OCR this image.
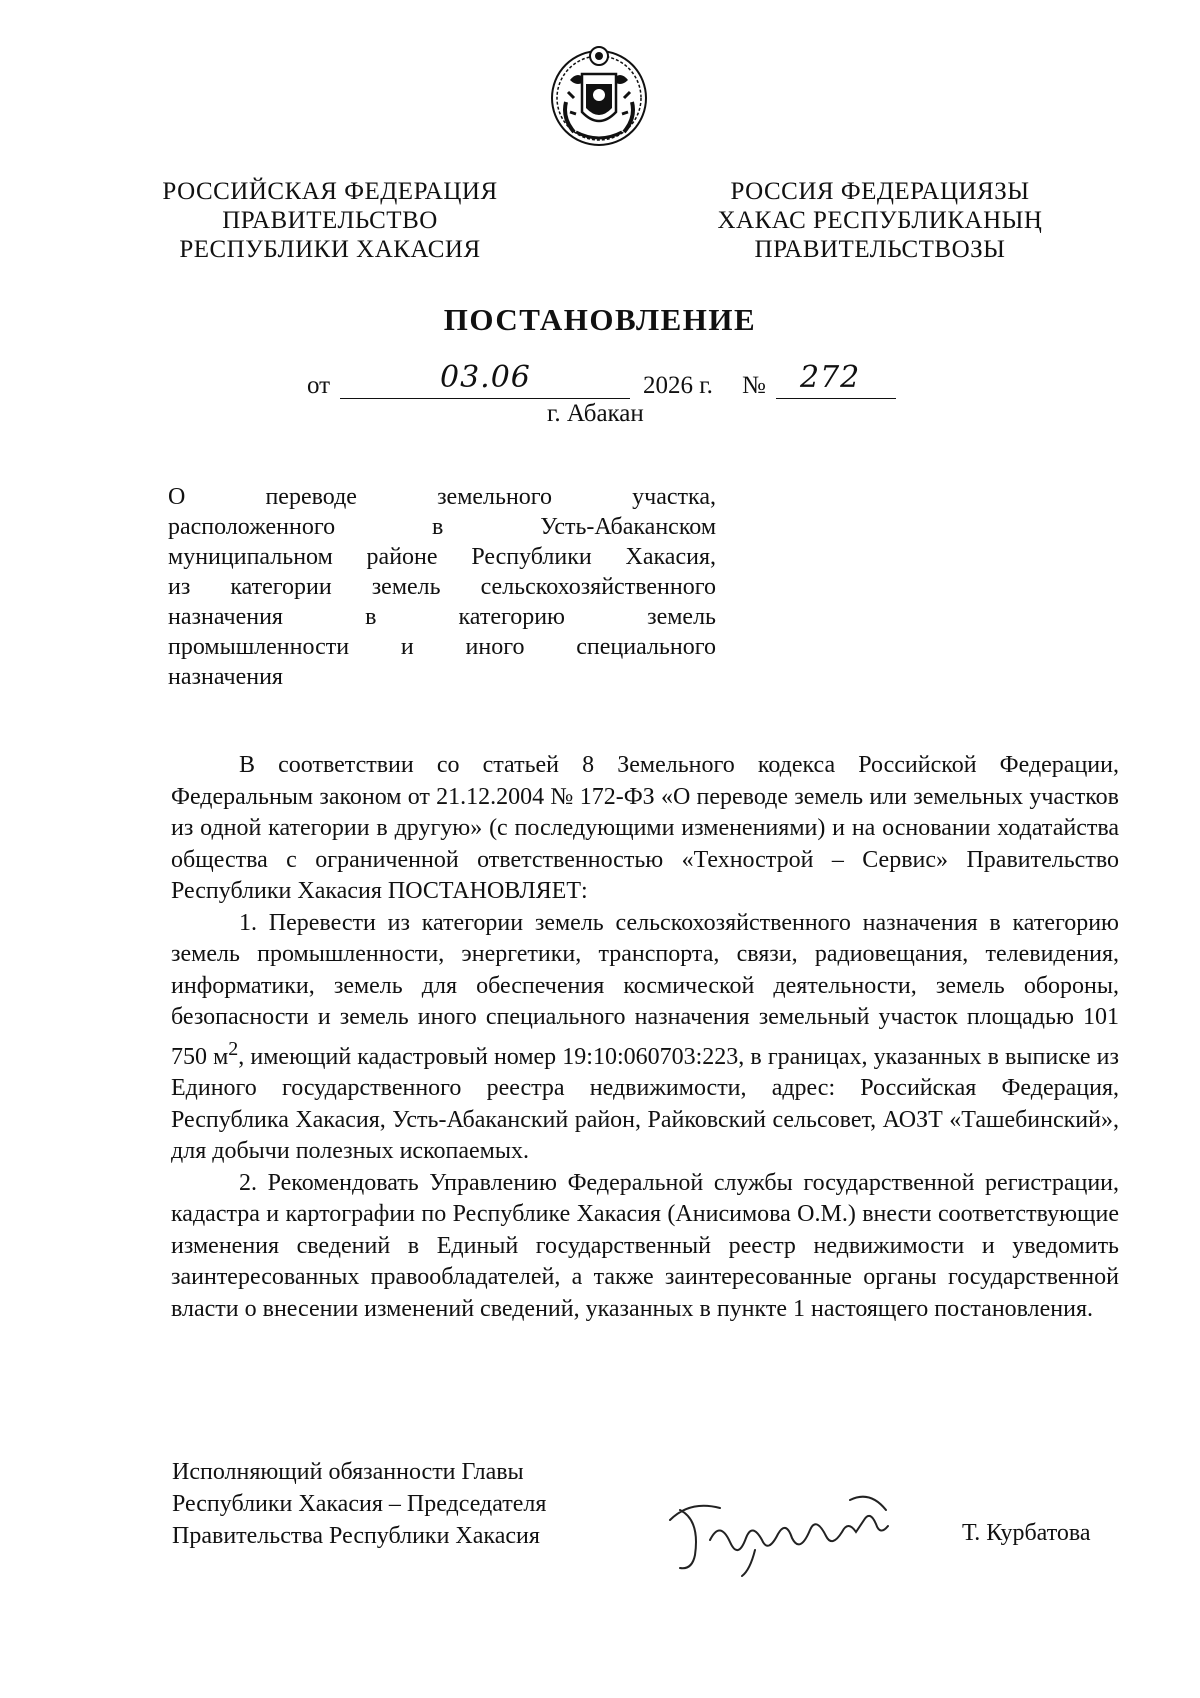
РОССИЙСКАЯ ФЕДЕРАЦИЯ
ПРАВИТЕЛЬСТВО
РЕСПУБЛИКИ ХАКАСИЯ
РОССИЯ ФЕДЕРАЦИЯЗЫ
ХАКАС РЕСПУБЛИКАНЫҢ
ПРАВИТЕЛЬСТВОЗЫ
ПОСТАНОВЛЕНИЕ
от	03.06	2026 г. № 272
г. Абакан
О	переводе	земельного	участка,
расположенного	в	Усть-Абаканском
муниципальном районе Республики Хакасия,
из категории земель сельскохозяйственного
назначения	в	категорию	земель
промышленности и иного специального
назначения

В соответствии со статьей 8 Земельного кодекса Российской Федерации, Федеральным законом от 21.12.2004 № 172-ФЗ «О переводе земель или земельных участков из одной категории в другую» (с последующими изменениями) и на основании ходатайства общества с ограниченной ответственностью «Технострой – Сервис» Правительство Республики Хакасия ПОСТАНОВЛЯЕТ:

1. Перевести из категории земель сельскохозяйственного назначения в категорию земель промышленности, энергетики, транспорта, связи, радиовещания, телевидения, информатики, земель для обеспечения космической деятельности, земель обороны, безопасности и земель иного специального назначения земельный участок площадью 101 750 $м^2$, имеющий кадастровый номер 19:10:060703:223, в границах, указанных в выписке из Единого государственного реестра недвижимости, адрес: Российская Федерация, Республика Хакасия, Усть-Абаканский район, Райковский сельсовет, АОЗТ «Ташебинский», для добычи полезных ископаемых.

2. Рекомендовать Управлению Федеральной службы государственной регистрации, кадастра и картографии по Республике Хакасия (Анисимова О.М.) внести соответствующие изменения сведений в Единый государственный реестр недвижимости и уведомить заинтересованных правообладателей, а также заинтересованные органы государственной власти о внесении изменений сведений, указанных в пункте 1 настоящего постановления.

Исполняющий обязанности Главы
Республики Хакасия – Председателя
Правительства Республики Хакасия	Т. Курбатова
